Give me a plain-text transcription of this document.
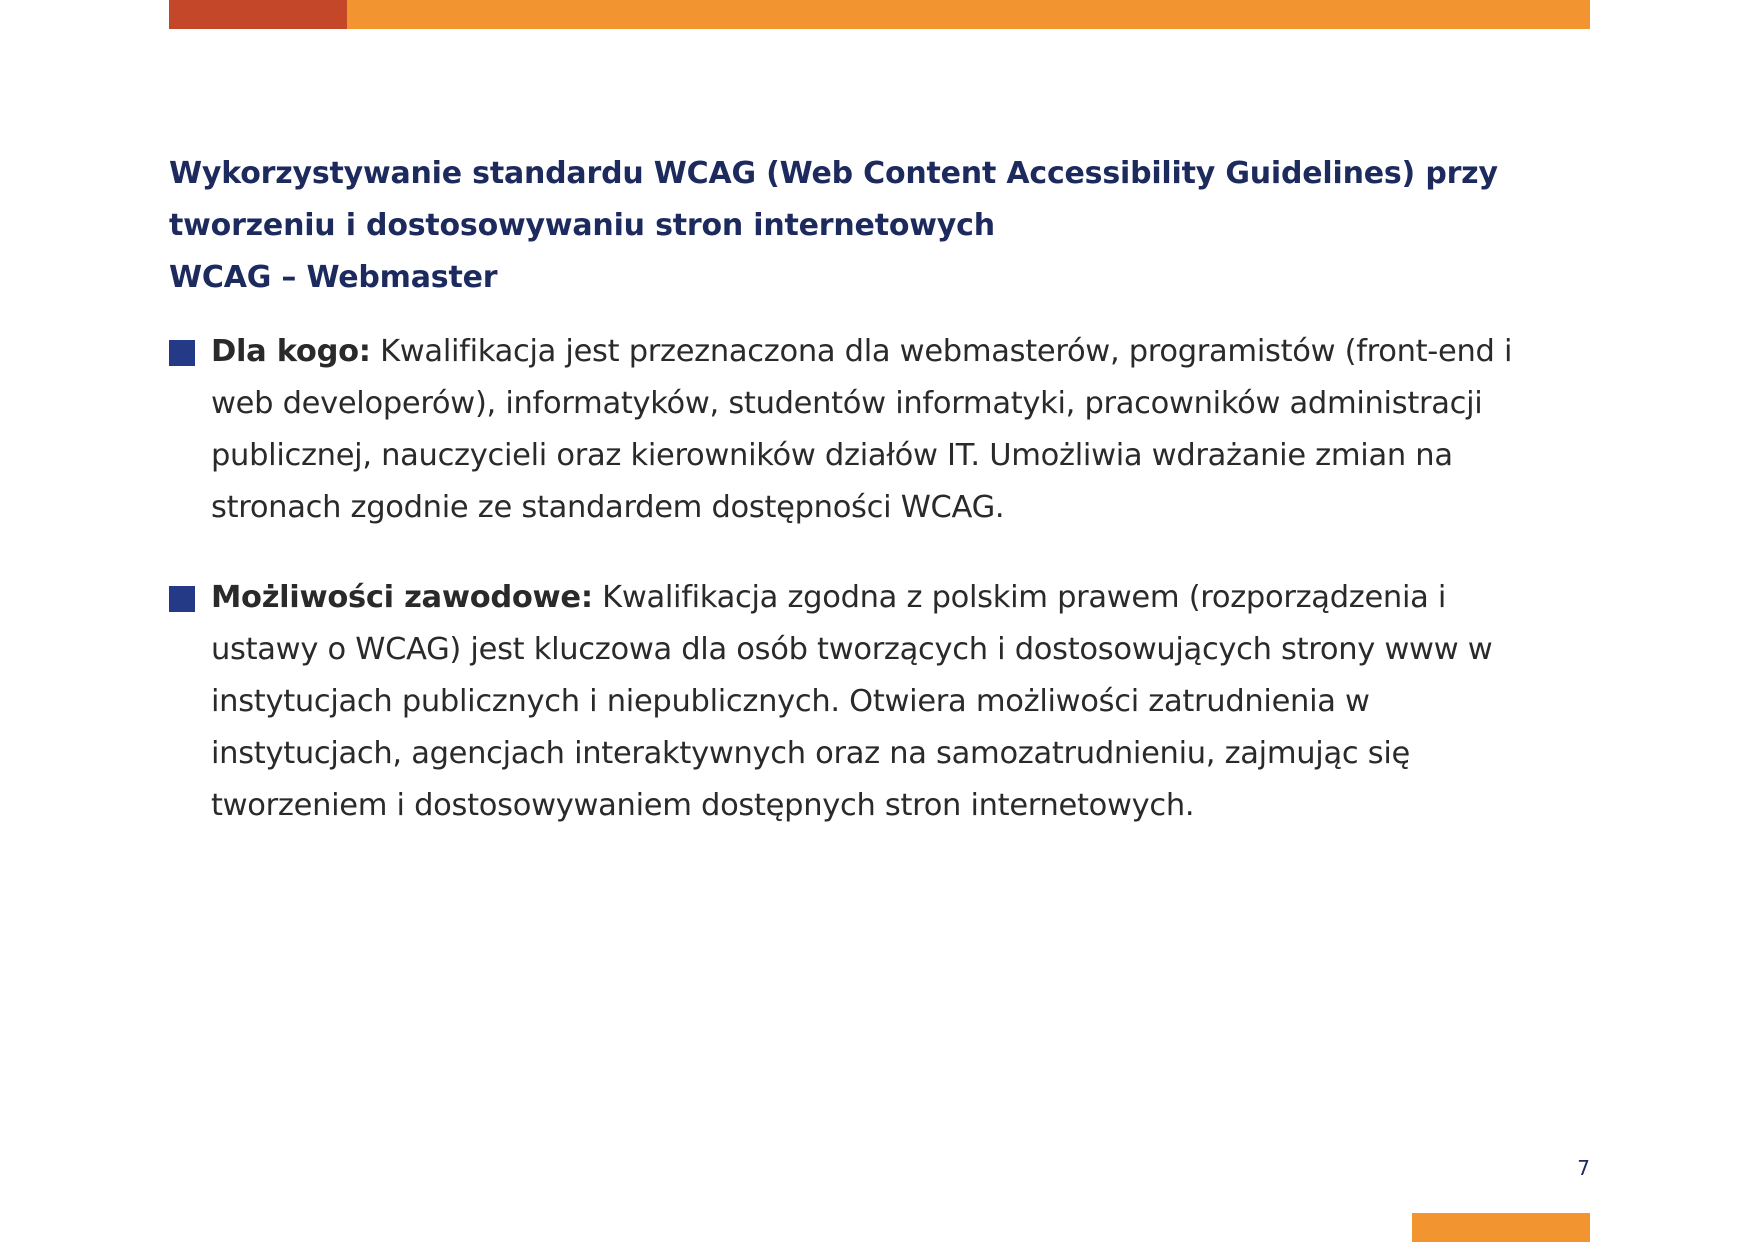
Wykorzystywanie standardu WCAG (Web Content Accessibility Guidelines) przy
tworzeniu i dostosowywaniu stron internetowych
WCAG – Webmaster
Dla kogo: Kwalifikacja jest przeznaczona dla webmasterów, programistów (front-end i
web developerów), informatyków, studentów informatyki, pracowników administracji
publicznej, nauczycieli oraz kierowników działów IT. Umożliwia wdrażanie zmian na
stronach zgodnie ze standardem dostępności WCAG.
Możliwości zawodowe: Kwalifikacja zgodna z polskim prawem (rozporządzenia i
ustawy o WCAG) jest kluczowa dla osób tworzących i dostosowujących strony www w
instytucjach publicznych i niepublicznych. Otwiera możliwości zatrudnienia w
instytucjach, agencjach interaktywnych oraz na samozatrudnieniu, zajmując się
tworzeniem i dostosowywaniem dostępnych stron internetowych.
7
